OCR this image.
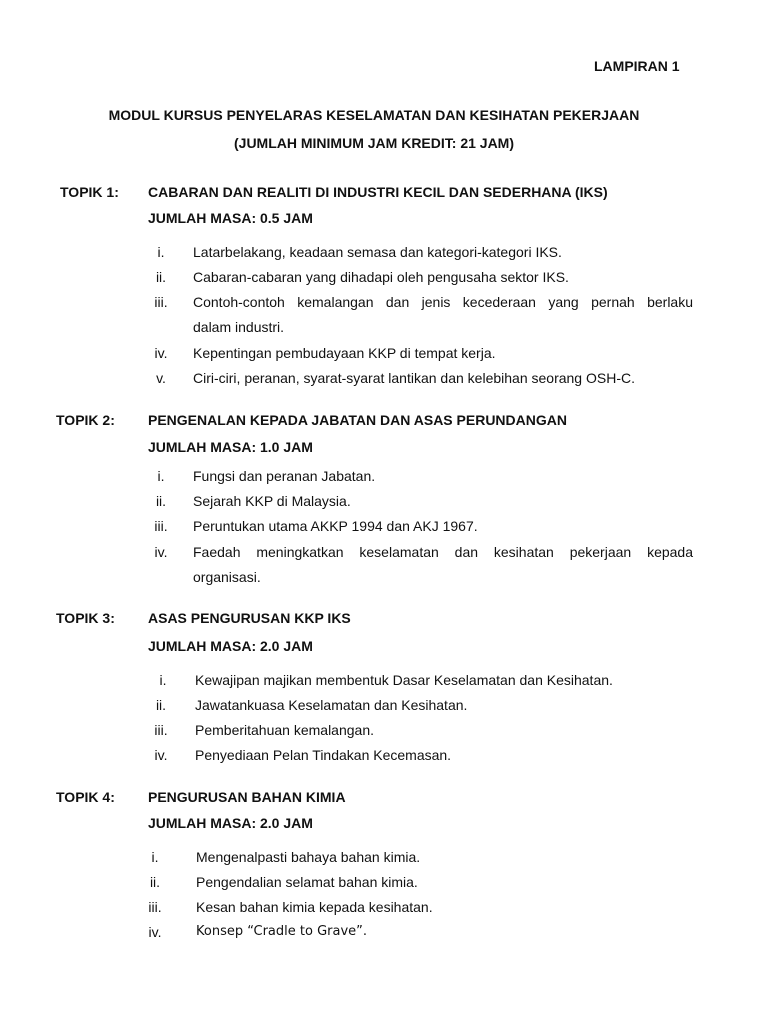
LAMPIRAN 1
MODUL KURSUS PENYELARAS KESELAMATAN DAN KESIHATAN PEKERJAAN
(JUMLAH MINIMUM JAM KREDIT: 21 JAM)
TOPIK 1: CABARAN DAN REALITI DI INDUSTRI KECIL DAN SEDERHANA (IKS)
JUMLAH MASA: 0.5 JAM
i.	Latarbelakang, keadaan semasa dan kategori-kategori IKS.
ii.	Cabaran-cabaran yang dihadapi oleh pengusaha sektor IKS.
iii.	Contoh-contoh kemalangan dan jenis kecederaan yang pernah berlaku
dalam industri.
iv.	Kepentingan pembudayaan KKP di tempat kerja.
v.	Ciri-ciri, peranan, syarat-syarat lantikan dan kelebihan seorang OSH-C.
TOPIK 2: PENGENALAN KEPADA JABATAN DAN ASAS PERUNDANGAN
JUMLAH MASA: 1.0 JAM
i.	Fungsi dan peranan Jabatan.
ii.	Sejarah KKP di Malaysia.
iii.	Peruntukan utama AKKP 1994 dan AKJ 1967.
iv.	Faedah meningkatkan keselamatan dan kesihatan pekerjaan kepada
organisasi.
TOPIK 3: ASAS PENGURUSAN KKP IKS
JUMLAH MASA: 2.0 JAM
i.	Kewajipan majikan membentuk Dasar Keselamatan dan Kesihatan.
ii.	Jawatankuasa Keselamatan dan Kesihatan.
iii.	Pemberitahuan kemalangan.
iv.	Penyediaan Pelan Tindakan Kecemasan.
TOPIK 4: PENGURUSAN BAHAN KIMIA
JUMLAH MASA: 2.0 JAM
i.	Mengenalpasti bahaya bahan kimia.
ii.	Pengendalian selamat bahan kimia.
iii.	Kesan bahan kimia kepada kesihatan.
iv.	Konsep “Cradle to Grave”.
